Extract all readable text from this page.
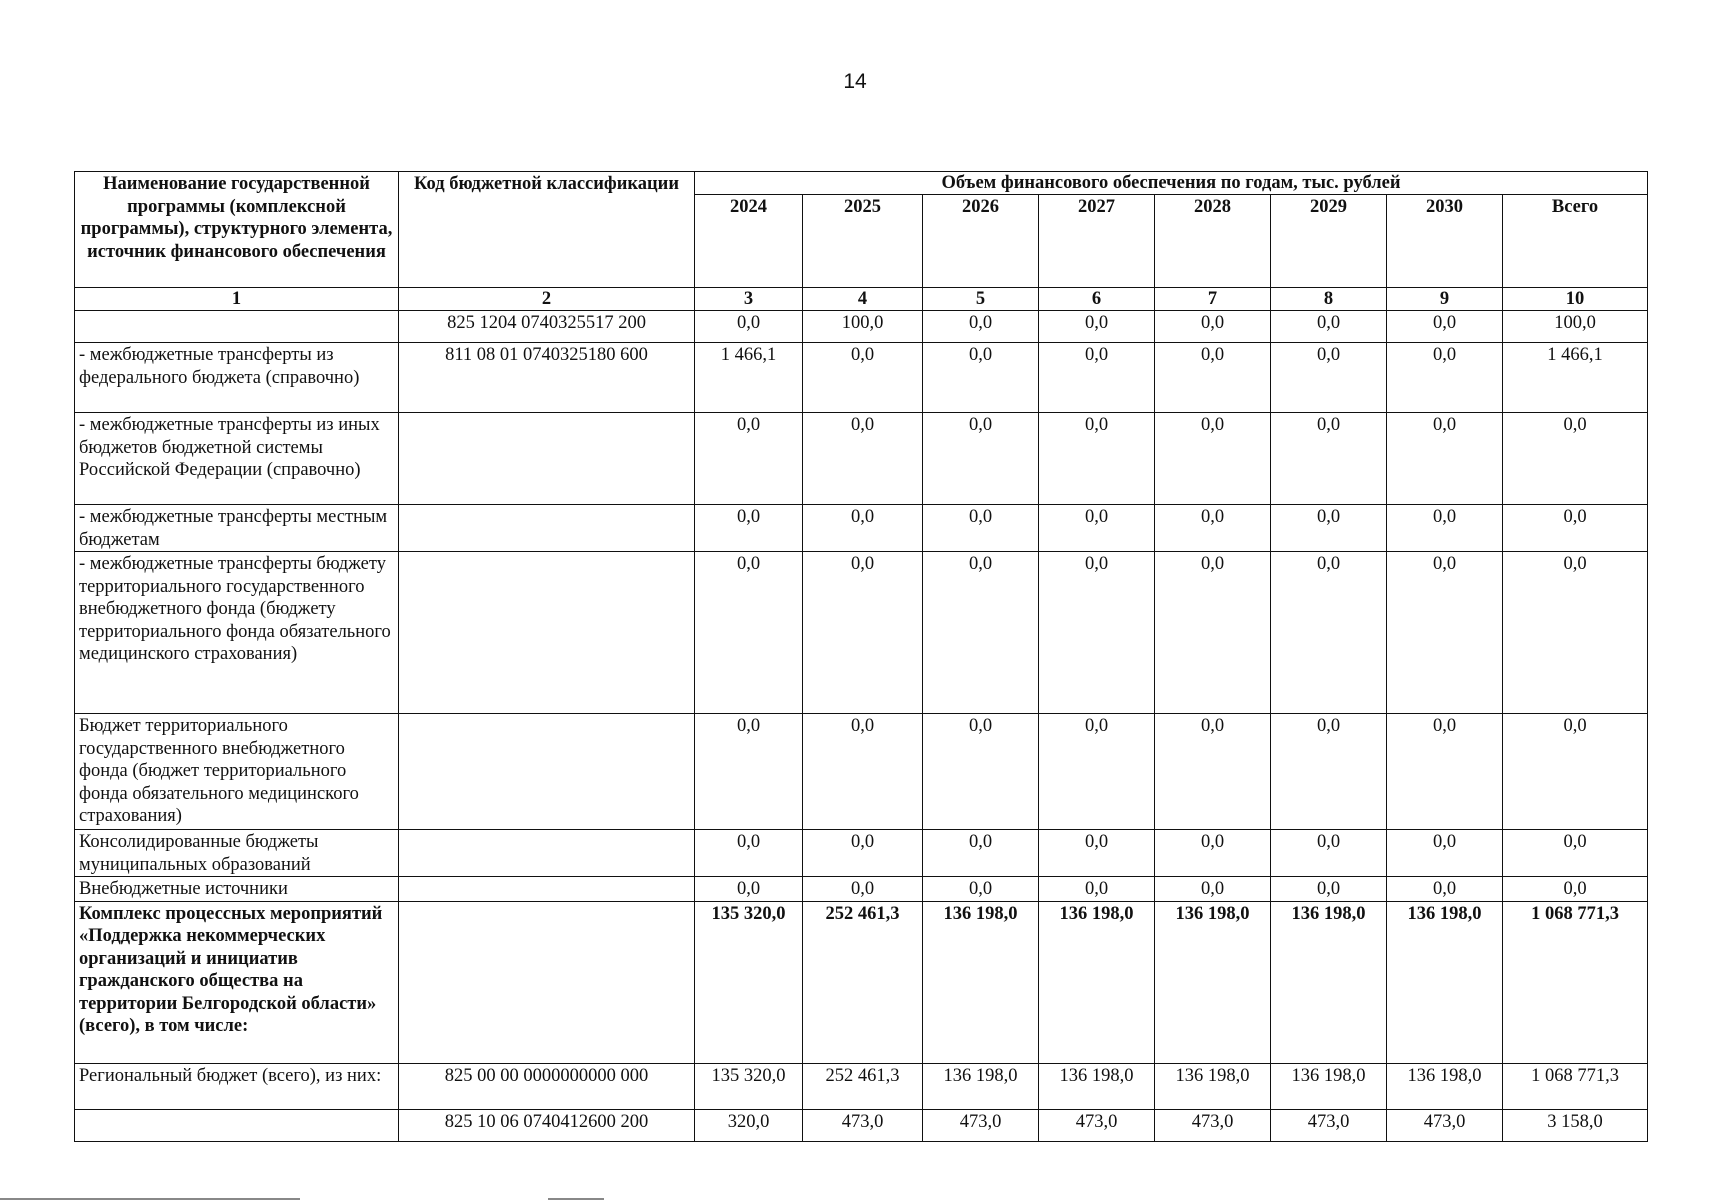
14
Наименование государственной программы (комплексной программы), структурного элемента, источник финансового обеспечения	Код бюджетной классификации	Объем финансового обеспечения по годам, тыс. рублей							
		2024	2025	2026	2027	2028	2029	2030	Всего
1	2	3	4	5	6	7	8	9	10
	825 1204 0740325517 200	0,0	100,0	0,0	0,0	0,0	0,0	0,0	100,0
- межбюджетные трансферты из федерального бюджета (справочно)	811 08 01 0740325180 600	1 466,1	0,0	0,0	0,0	0,0	0,0	0,0	1 466,1
- межбюджетные трансферты из иных бюджетов бюджетной системы Российской Федерации (справочно)		0,0	0,0	0,0	0,0	0,0	0,0	0,0	0,0
- межбюджетные трансферты местным бюджетам		0,0	0,0	0,0	0,0	0,0	0,0	0,0	0,0
- межбюджетные трансферты бюджету территориального государственного внебюджетного фонда (бюджету территориального фонда обязательного медицинского страхования)		0,0	0,0	0,0	0,0	0,0	0,0	0,0	0,0
Бюджет территориального государственного внебюджетного фонда (бюджет территориального фонда обязательного медицинского страхования)		0,0	0,0	0,0	0,0	0,0	0,0	0,0	0,0
Консолидированные бюджеты муниципальных образований		0,0	0,0	0,0	0,0	0,0	0,0	0,0	0,0
Внебюджетные источники		0,0	0,0	0,0	0,0	0,0	0,0	0,0	0,0
Комплекс процессных мероприятий «Поддержка некоммерческих организаций и инициатив гражданского общества на территории Белгородской области» (всего), в том числе:		135 320,0	252 461,3	136 198,0	136 198,0	136 198,0	136 198,0	136 198,0	1 068 771,3
Региональный бюджет (всего), из них:	825 00 00 0000000000 000	135 320,0	252 461,3	136 198,0	136 198,0	136 198,0	136 198,0	136 198,0	1 068 771,3
	825 10 06 0740412600 200	320,0	473,0	473,0	473,0	473,0	473,0	473,0	3 158,0
